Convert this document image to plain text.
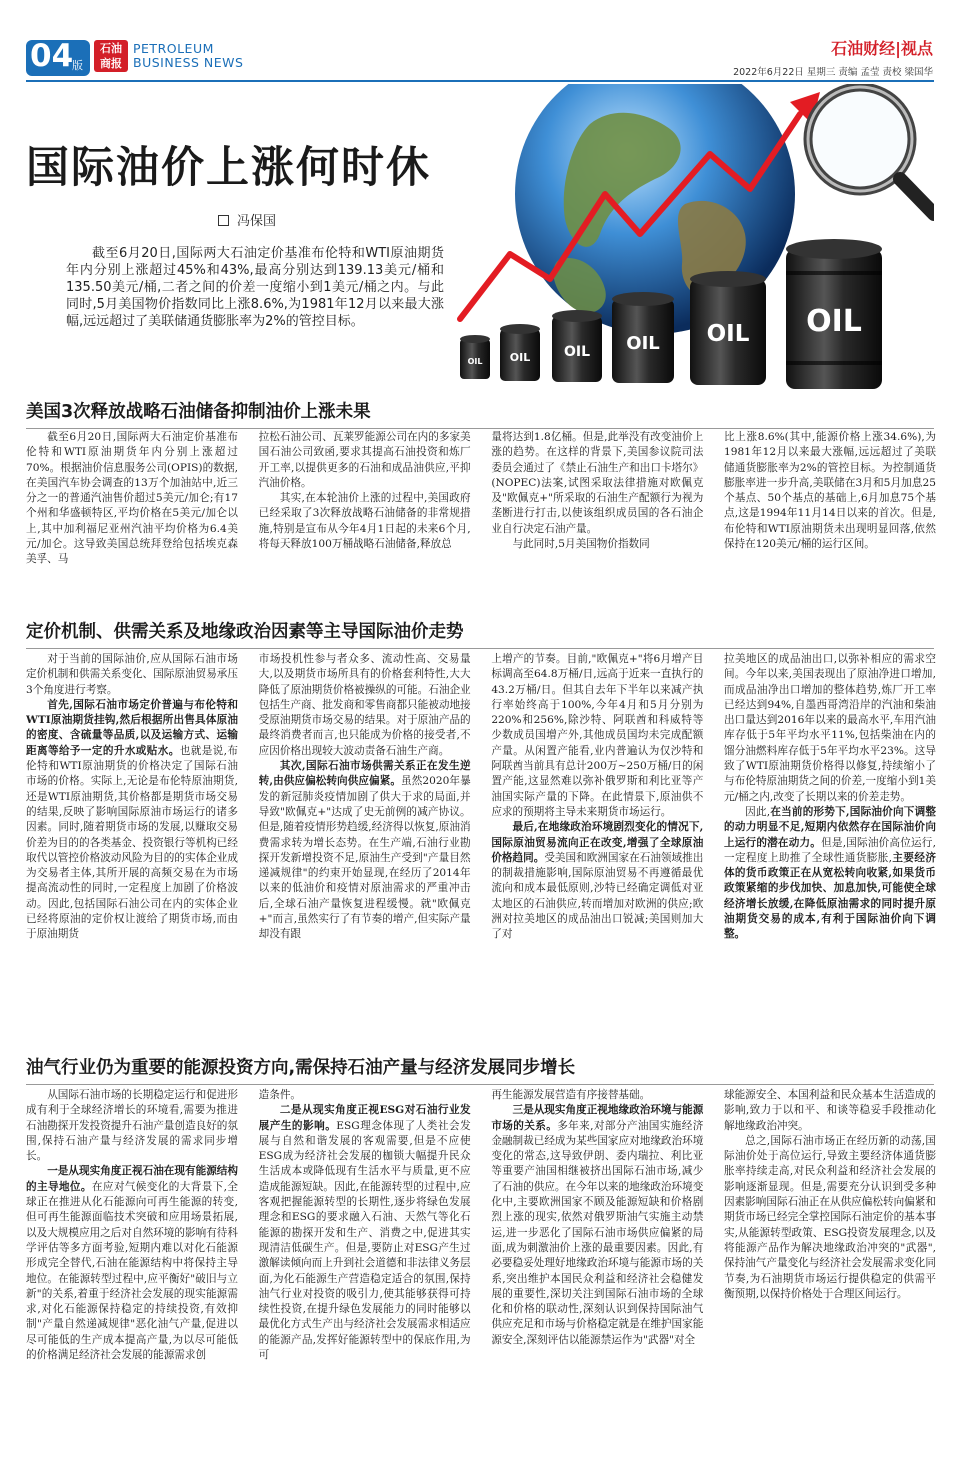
04
版
石油
商报
PETROLEUM
BUSINESS NEWS
石油财经|视点
2022年6月22日 星期三 责编 孟莹 责校 梁国华
OIL OIL OIL OIL OIL OIL
国际油价上涨何时休
冯保国

截至6月20日,国际两大石油定价基准布伦特和WTI原油期货年内分别上涨超过45%和43%,最高分别达到139.13美元/桶和135.50美元/桶,二者之间的价差一度缩小到1美元/桶之内。与此同时,5月美国物价指数同比上涨8.6%,为1981年12月以来最大涨幅,远远超过了美联储通货膨胀率为2%的管控目标。

美国3次释放战略石油储备抑制油价上涨未果

截至6月20日,国际两大石油定价基准布伦特和WTI原油期货年内分别上涨超过70%。根据油价信息服务公司(OPIS)的数据,在美国汽车协会调查的13万个加油站中,近三分之一的普通汽油售价超过5美元/加仑;有17个州和华盛顿特区,平均价格在5美元/加仑以上,其中加利福尼亚州汽油平均价格为6.4美元/加仑。这导致美国总统拜登给包括埃克森美孚、马

拉松石油公司、瓦莱罗能源公司在内的多家美国石油公司致函,要求其提高石油投资和炼厂开工率,以提供更多的石油和成品油供应,平抑汽油价格。

其实,在本轮油价上涨的过程中,美国政府已经采取了3次释放战略石油储备的非常规措施,特别是宣布从今年4月1日起的未来6个月,将每天释放100万桶战略石油储备,释放总

量将达到1.8亿桶。但是,此举没有改变油价上涨的趋势。在这样的背景下,美国参议院司法委员会通过了《禁止石油生产和出口卡塔尔》(NOPEC)法案,试图采取法律措施对欧佩克及"欧佩克+"所采取的石油生产配额行为视为垄断进行打击,以使该组织成员国的各石油企业自行决定石油产量。

与此同时,5月美国物价指数同

比上涨8.6%(其中,能源价格上涨34.6%),为1981年12月以来最大涨幅,远远超过了美联储通货膨胀率为2%的管控目标。为控制通货膨胀率进一步升高,美联储在3月和5月加息25个基点、50个基点的基础上,6月加息75个基点,这是1994年11月14日以来的首次。但是,布伦特和WTI原油期货未出现明显回落,依然保持在120美元/桶的运行区间。

定价机制、供需关系及地缘政治因素等主导国际油价走势

对于当前的国际油价,应从国际石油市场定价机制和供需关系变化、国际原油贸易承压3个角度进行考察。

首先,国际石油市场定价普遍与布伦特和WTI原油期货挂钩,然后根据所出售具体原油的密度、含硫量等品质,以及运输方式、运输距离等给予一定的升水或贴水。也就是说,布伦特和WTI原油期货的价格决定了国际石油市场的价格。实际上,无论是布伦特原油期货,还是WTI原油期货,其价格都是期货市场交易的结果,反映了影响国际原油市场运行的诸多因素。同时,随着期货市场的发展,以赚取交易价差为目的的各类基金、投资银行等机构已经取代以管控价格波动风险为目的的实体企业成为交易者主体,其所开展的高频交易在为市场提高流动性的同时,一定程度上加剧了价格波动。因此,包括国际石油公司在内的实体企业已经将原油的定价权让渡给了期货市场,而由于原油期货

市场投机性参与者众多、流动性高、交易量大,以及期货市场所具有的价格套利特性,大大降低了原油期货价格被操纵的可能。石油企业包括生产商、批发商和零售商都只能被动地接受原油期货市场交易的结果。对于原油产品的最终消费者而言,也只能成为价格的接受者,不应因价格出现较大波动责备石油生产商。

其次,国际石油市场供需关系正在发生逆转,由供应偏松转向供应偏紧。虽然2020年暴发的新冠肺炎疫情加剧了供大于求的局面,并导致"欧佩克+"达成了史无前例的减产协议。但是,随着疫情形势趋缓,经济得以恢复,原油消费需求转为增长态势。在生产端,石油行业勘探开发新增投资不足,原油生产受到"产量目然递减规律"的约束开始显现,在经历了2014年以来的低油价和疫情对原油需求的严重冲击后,全球石油产量恢复进程缓慢。就"欧佩克+"而言,虽然实行了有节奏的增产,但实际产量却没有跟

上增产的节奏。目前,"欧佩克+"将6月增产目标调高至64.8万桶/日,远高于近来一直执行的43.2万桶/日。但其自去年下半年以来减产执行率始终高于100%,今年4月和5月分别为220%和256%,除沙特、阿联酋和科威特等少数成员国增产外,其他成员国均未完成配额产量。从闲置产能看,业内普遍认为仅沙特和阿联酋当前具有总计200万~250万桶/日的闲置产能,这显然难以弥补俄罗斯和利比亚等产油国实际产量的下降。在此情景下,原油供不应求的预期将主导未来期货市场运行。

最后,在地缘政治环境剧烈变化的情况下,国际原油贸易流向正在改变,增强了全球原油价格趋同。受美国和欧洲国家在石油领域推出的制裁措施影响,国际原油贸易不再遵循最优流向和成本最低原则,沙特已经确定调低对亚太地区的石油供应,转而增加对欧洲的供应;欧洲对拉美地区的成品油出口锐减;美国则加大了对

拉美地区的成品油出口,以弥补相应的需求空间。今年以来,美国表现出了原油净进口增加,而成品油净出口增加的整体趋势,炼厂开工率已经达到94%,自墨西哥湾沿岸的汽油和柴油出口量达到2016年以来的最高水平,车用汽油库存低于5年平均水平11%,包括柴油在内的馏分油燃料库存低于5年平均水平23%。这导致了WTI原油期货价格得以修复,持续缩小了与布伦特原油期货之间的价差,一度缩小到1美元/桶之内,改变了长期以来的价差走势。

因此,在当前的形势下,国际油价向下调整的动力明显不足,短期内依然存在国际油价向上运行的潜在动力。但是,国际油价高位运行,一定程度上助推了全球性通货膨胀,主要经济体的货币政策正在从宽松转向收紧,如果货币政策紧缩的步伐加快、加息加快,可能使全球经济增长放缓,在降低原油需求的同时提升原油期货交易的成本,有利于国际油价向下调整。

油气行业仍为重要的能源投资方向,需保持石油产量与经济发展同步增长

从国际石油市场的长期稳定运行和促进形成有利于全球经济增长的环境看,需要为推进石油勘探开发投资提升石油产量创造良好的氛围,保持石油产量与经济发展的需求同步增长。

一是从现实角度正视石油在现有能源结构的主导地位。在应对气候变化的大背景下,全球正在推进从化石能源向可再生能源的转变,但可再生能源面临技术突破和应用场景拓展,以及大规模应用之后对自然环境的影响有待科学评估等多方面考验,短期内难以对化石能源形成完全替代,石油在能源结构中将保持主导地位。在能源转型过程中,应平衡好"破旧与立新"的关系,着重于经济社会发展的现实能源需求,对化石能源保持稳定的持续投资,有效抑制"产量自然递减规律"恶化油气产量,促进以尽可能低的生产成本提高产量,为以尽可能低的价格满足经济社会发展的能源需求创

造条件。

二是从现实角度正视ESG对石油行业发展产生的影响。ESG理念体现了人类社会发展与自然和谐发展的客观需要,但是不应使ESG成为经济社会发展的枷锁大幅提升民众生活成本或降低现有生活水平与质量,更不应造成能源短缺。因此,在能源转型的过程中,应客观把握能源转型的长期性,逐步将绿色发展理念和ESG的要求融入石油、天然气等化石能源的勘探开发和生产、消费之中,促进其实现清洁低碳生产。但是,要防止对ESG产生过激解读倾向而上升到社会道德和非法律义务层面,为化石能源生产营造稳定适合的氛围,保持油气行业对投资的吸引力,使其能够获得可持续性投资,在提升绿色发展能力的同时能够以最优化方式生产出与经济社会发展需求相适应的能源产品,发挥好能源转型中的保底作用,为可

再生能源发展营造有序接替基础。

三是从现实角度正视地缘政治环境与能源市场的关系。多年来,对部分产油国实施经济金融制裁已经成为某些国家应对地缘政治环境变化的常态,这导致伊朗、委内瑞拉、利比亚等重要产油国相继被挤出国际石油市场,减少了石油的供应。在今年以来的地缘政治环境变化中,主要欧洲国家不顾及能源短缺和价格剧烈上涨的现实,依然对俄罗斯油气实施主动禁运,进一步恶化了国际石油市场供应偏紧的局面,成为刺激油价上涨的最重要因素。因此,有必要稳妥处理好地缘政治环境与能源市场的关系,突出维护本国民众利益和经济社会稳健发展的重要性,深切关注到国际石油市场的全球化和价格的联动性,深刻认识到保持国际油气供应充足和市场与价格稳定就是在维护国家能源安全,深刻评估以能源禁运作为"武器"对全

球能源安全、本国利益和民众基本生活造成的影响,致力于以和平、和谈等稳妥手段推动化解地缘政治冲突。

总之,国际石油市场正在经历新的动荡,国际油价处于高位运行,导致主要经济体通货膨胀率持续走高,对民众利益和经济社会发展的影响逐渐显现。但是,需要充分认识到受多种因素影响国际石油正在从供应偏松转向偏紧和期货市场已经完全掌控国际石油定价的基本事实,从能源转型政策、ESG投资发展理念,以及将能源产品作为解决地缘政治冲突的"武器",保持油气产量变化与经济社会发展需求变化同节奏,为石油期货市场运行提供稳定的供需平衡预期,以保持价格处于合理区间运行。
